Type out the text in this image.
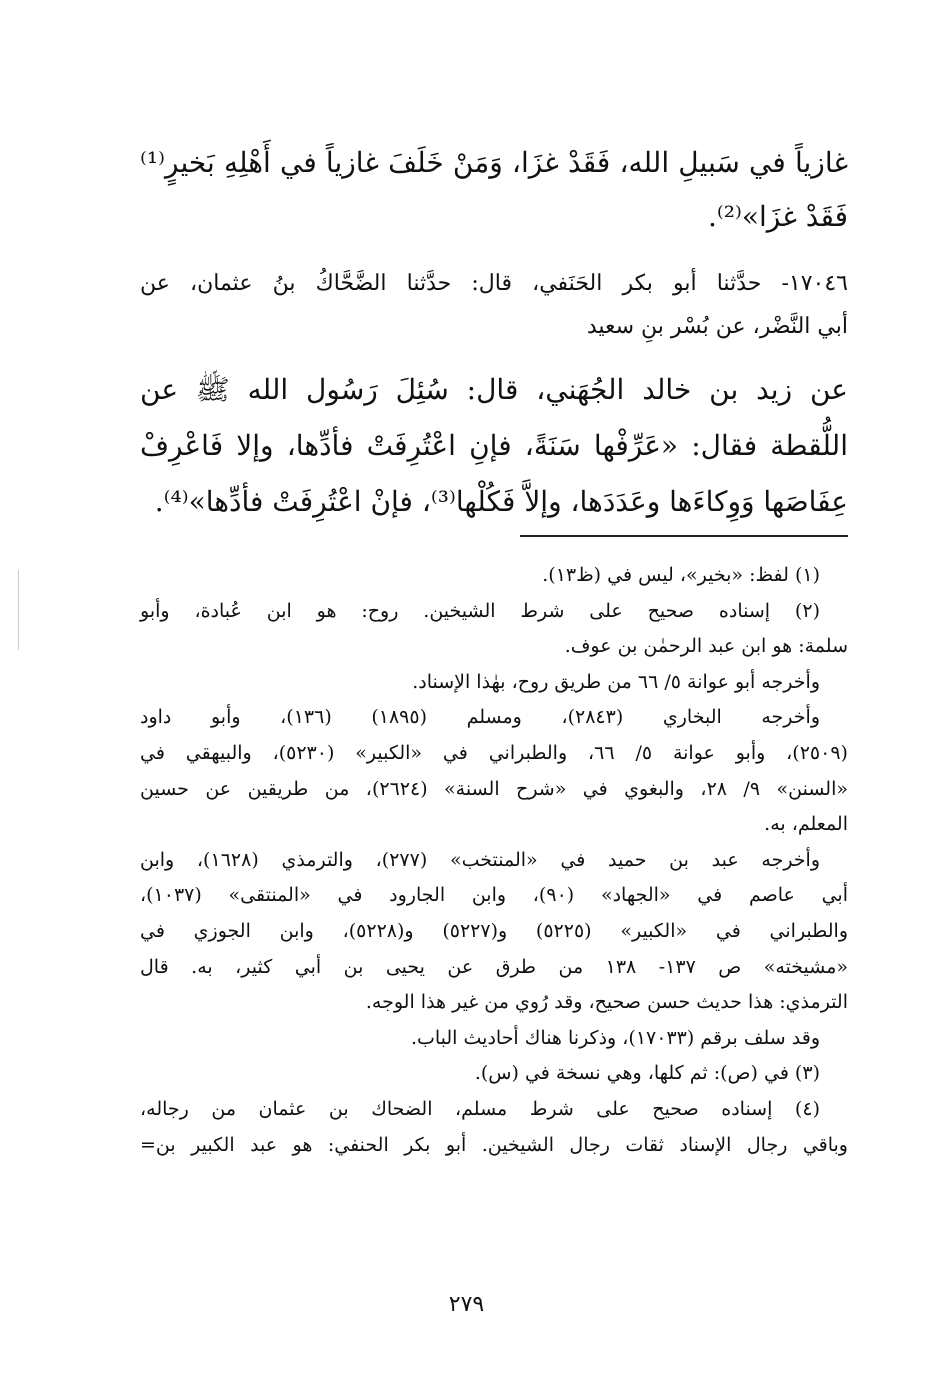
غازياً في سَبيلِ الله، فَقَدْ غزَا، وَمَنْ خَلَفَ غازياً في أَهْلِهِ بَخيرٍ⁽¹⁾
فَقَدْ غزَا»⁽²⁾.
١٧٠٤٦- حدَّثنا أبو بكر الحَنَفي، قال: حدَّثنا الضَّحَّاكُ بنُ عثمان، عن
أبي النَّضْر، عن بُسْر بنِ سعيد
عن زيد بن خالد الجُهَني، قال: سُئِلَ رَسُول الله ﷺ عن
اللُّقطة فقال: «عَرِّفْها سَنَةً، فإنِ اعْتُرِفَتْ فأدِّها، وإلا فَاعْرِفْ
عِفَاصَها وَوِكاءَها وعَدَدَها، وإلاَّ فَكُلْها⁽³⁾، فإنْ اعْتُرِفَتْ فأدِّها»⁽⁴⁾.
(١) لفظ: «بخير»، ليس في (ظ١٣).
(٢) إسناده صحيح على شرط الشيخين. روح: هو ابن عُبادة، وأبو
سلمة: هو ابن عبد الرحمٰن بن عوف.
وأخرجه أبو عوانة ٥/ ٦٦ من طريق روح، بهٰذا الإسناد.
وأخرجه البخاري (٢٨٤٣)، ومسلم (١٨٩٥) (١٣٦)، وأبو داود
(٢٥٠٩)، وأبو عوانة ٥/ ٦٦، والطبراني في «الكبير» (٥٢٣٠)، والبيهقي في
«السنن» ٩/ ٢٨، والبغوي في «شرح السنة» (٢٦٢٤)، من طريقين عن حسين
المعلم، به.
وأخرجه عبد بن حميد في «المنتخب» (٢٧٧)، والترمذي (١٦٢٨)، وابن
أبي عاصم في «الجهاد» (٩٠)، وابن الجارود في «المنتقى» (١٠٣٧)،
والطبراني في «الكبير» (٥٢٢٥) و(٥٢٢٧) و(٥٢٢٨)، وابن الجوزي في
«مشيخته» ص ١٣٧- ١٣٨ من طرق عن يحيى بن أبي كثير، به. قال
الترمذي: هذا حديث حسن صحيح، وقد رُوي من غير هذا الوجه.
وقد سلف برقم (١٧٠٣٣)، وذكرنا هناك أحاديث الباب.
(٣) في (ص): ثم كلها، وهي نسخة في (س).
(٤) إسناده صحيح على شرط مسلم، الضحاك بن عثمان من رجاله،
وباقي رجال الإسناد ثقات رجال الشيخين. أبو بكر الحنفي: هو عبد الكبير بن=
٢٧٩
